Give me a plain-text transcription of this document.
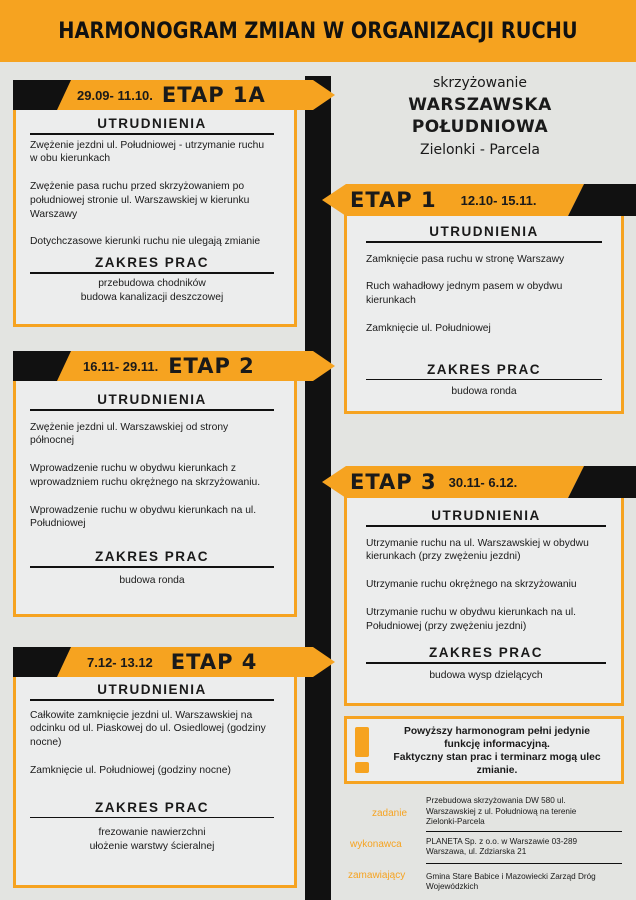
HARMONOGRAM ZMIAN W ORGANIZACJI RUCHU
skrzyżowanie
WARSZAWSKA
POŁUDNIOWA
Zielonki - Parcela
29.09- 11.10. ETAP 1A
UTRUDNIENIA
Zwężenie jezdni ul. Południowej - utrzymanie ruchu w obu kierunkach
Zwężenie pasa ruchu przed skrzyżowaniem po południowej stronie ul. Warszawskiej w kierunku Warszawy
Dotychczasowe kierunki ruchu nie ulegają zmianie
ZAKRES PRAC
przebudowa chodników
budowa kanalizacji deszczowej
ETAP 1 12.10- 15.11.
UTRUDNIENIA
Zamknięcie pasa ruchu w stronę Warszawy
Ruch wahadłowy jednym pasem w obydwu kierunkach
Zamknięcie ul. Południowej
ZAKRES PRAC
budowa ronda
16.11- 29.11. ETAP 2
UTRUDNIENIA
Zwężenie jezdni ul. Warszawskiej od strony północnej
Wprowadzenie ruchu w obydwu kierunkach z wprowadzniem ruchu okrężnego na skrzyżowaniu.
Wprowadzenie ruchu w obydwu kierunkach na ul. Południowej
ZAKRES PRAC
budowa ronda
ETAP 3 30.11- 6.12.
UTRUDNIENIA
Utrzymanie ruchu na ul. Warszawskiej w obydwu kierunkach (przy zwężeniu jezdni)
Utrzymanie ruchu okrężnego na skrzyżowaniu
Utrzymanie ruchu w obydwu kierunkach na ul. Południowej (przy zwężeniu jezdni)
ZAKRES PRAC
budowa wysp dzielących
7.12- 13.12 ETAP 4
UTRUDNIENIA
Całkowite zamknięcie jezdni ul. Warszawskiej na odcinku od ul. Piaskowej do ul. Osiedlowej (godziny nocne)
Zamknięcie ul. Południowej (godziny nocne)
ZAKRES PRAC
frezowanie nawierzchni
ułożenie warstwy ścieralnej
Powyższy harmonogram pełni jedynie
funkcję informacyjną.
Faktyczny stan prac i terminarz mogą ulec
zmianie.
zadanie
Przebudowa skrzyżowania DW 580 ul.
Warszawskiej z ul. Południową na terenie
Zielonki-Parcela
PLANETA Sp. z o.o. w Warszawie 03-289
Warszawa, ul. Zdziarska 21
Gmina Stare Babice i Mazowiecki Zarząd Dróg
Wojewódzkich
wykonawca
zamawiający
